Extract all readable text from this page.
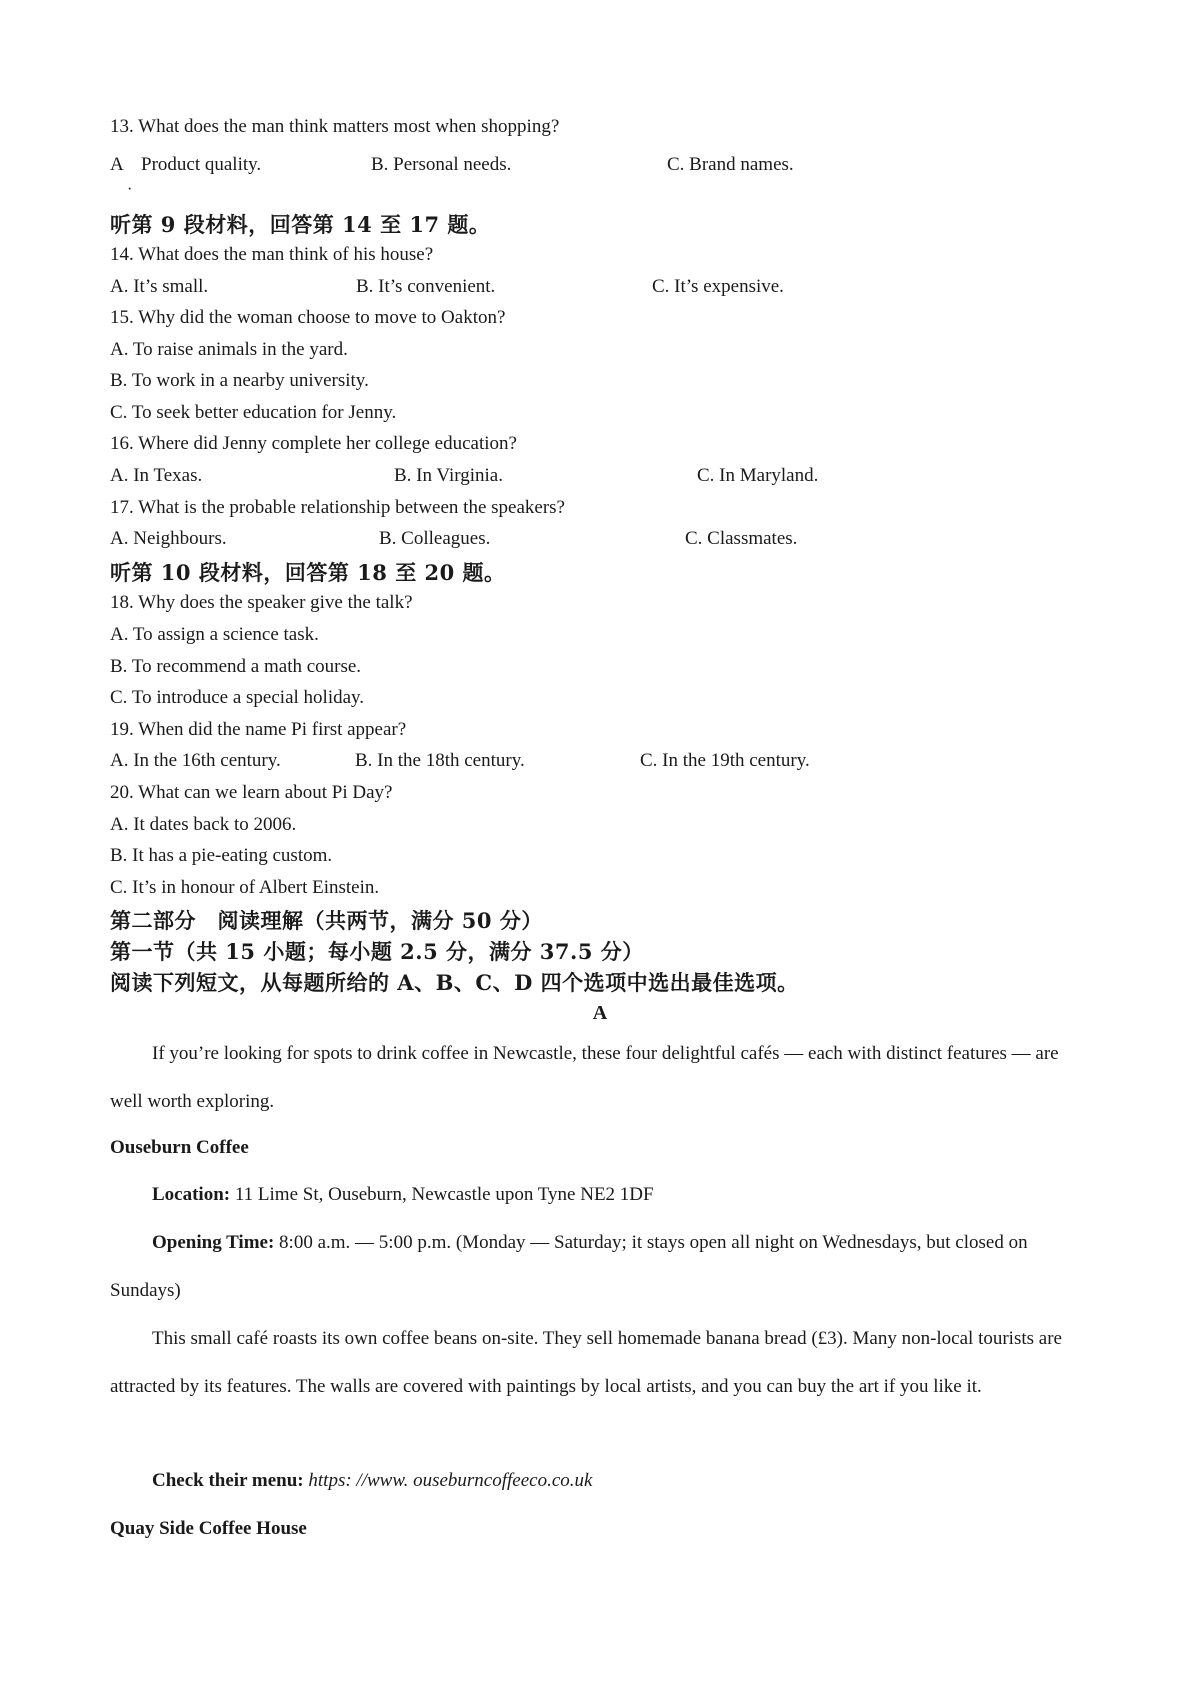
13. What does the man think matters most when shopping?
A Product quality.
·
B. Personal needs.	C. Brand names.
听第 9 段材料，回答第 14 至 17 题。
14. What does the man think of his house?
A. It’s small.	B. It’s convenient.	C. It’s expensive.
15. Why did the woman choose to move to Oakton?
A. To raise animals in the yard.
B. To work in a nearby university.
C. To seek better education for Jenny.
16. Where did Jenny complete her college education?
A. In Texas.	B. In Virginia.	C. In Maryland.
17. What is the probable relationship between the speakers?
A. Neighbours.	B. Colleagues.	C. Classmates.
听第 10 段材料，回答第 18 至 20 题。
18. Why does the speaker give the talk?
A. To assign a science task.
B. To recommend a math course.
C. To introduce a special holiday.
19. When did the name Pi first appear?
A. In the 16th century.	B. In the 18th century.	C. In the 19th century.
20. What can we learn about Pi Day?
A. It dates back to 2006.
B. It has a pie-eating custom.
C. It’s in honour of Albert Einstein.
第二部分　阅读理解（共两节，满分 50 分）
第一节（共 15 小题；每小题 2.5 分，满分 37.5 分）
阅读下列短文，从每题所给的 A、B、C、D 四个选项中选出最佳选项。
A
If you’re looking for spots to drink coffee in Newcastle, these four delightful cafés — each with distinct features — are well worth exploring.
Ouseburn Coffee
Location: 11 Lime St, Ouseburn, Newcastle upon Tyne NE2 1DF
Opening Time: 8:00 a.m. — 5:00 p.m. (Monday — Saturday; it stays open all night on Wednesdays, but closed on Sundays)
This small café roasts its own coffee beans on-site. They sell homemade banana bread (£3). Many non-local tourists are attracted by its features. The walls are covered with paintings by local artists, and you can buy the art if you like it.
Check their menu: https: //www. ouseburncoffeeco.co.uk
Quay Side Coffee House
